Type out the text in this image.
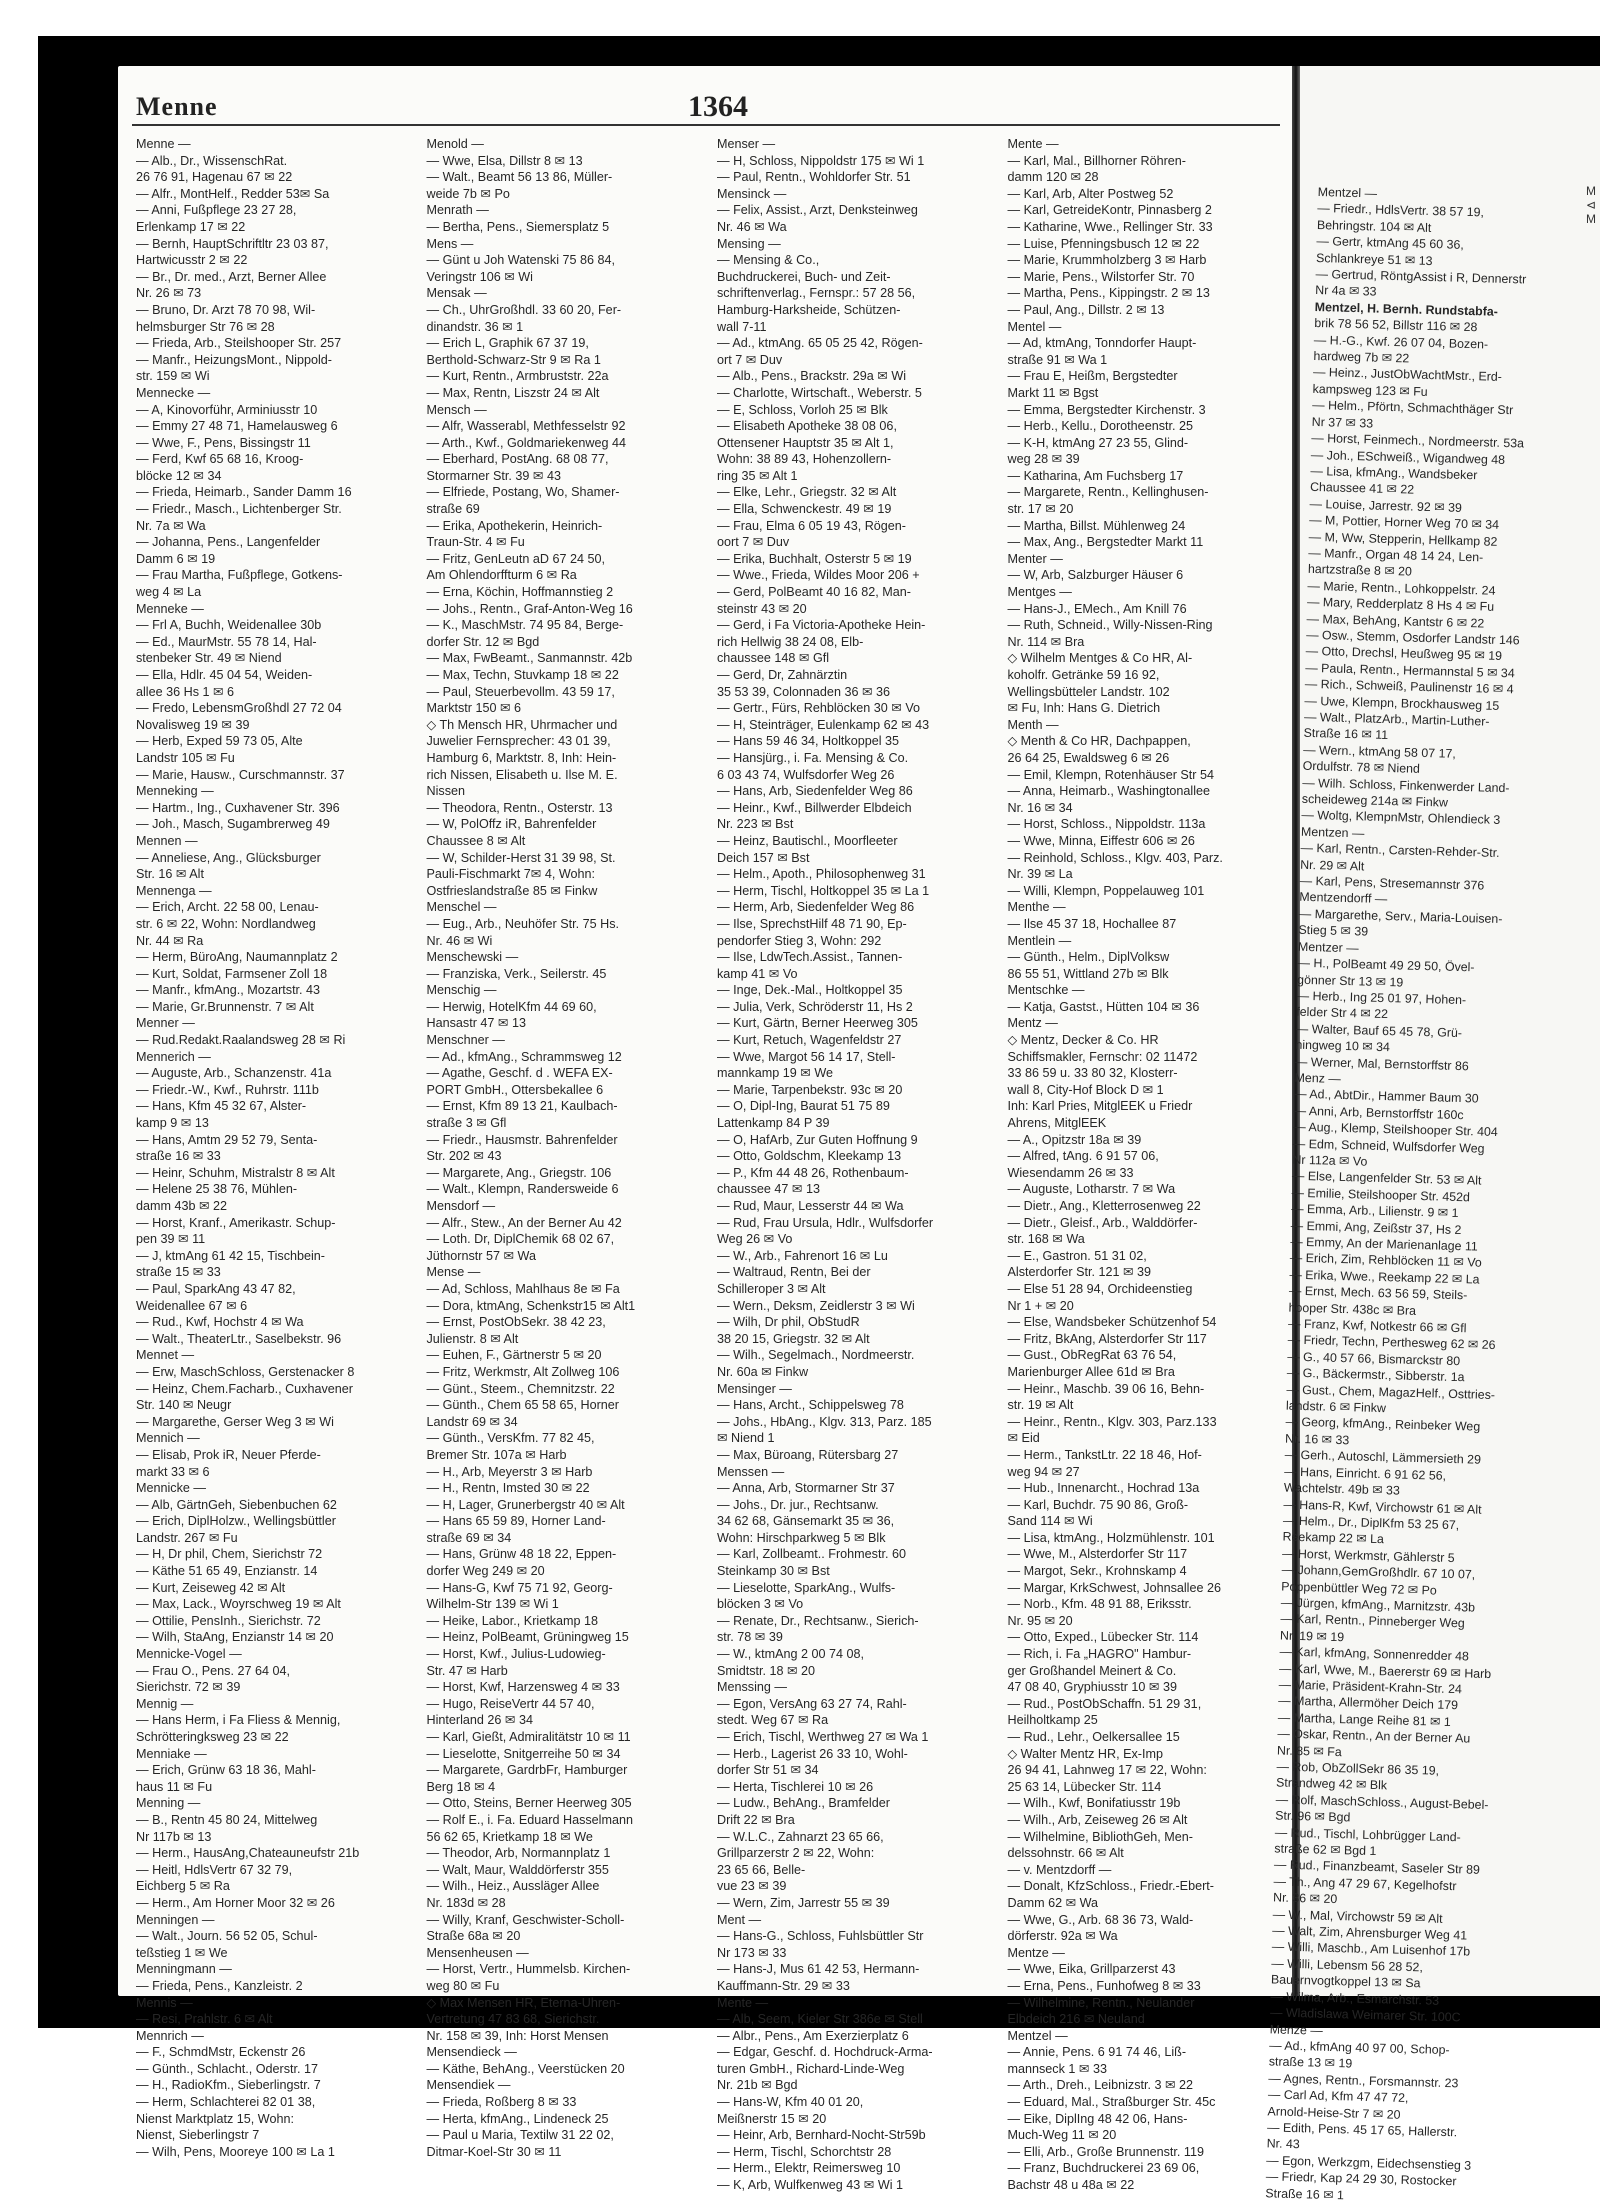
Menne	1364
Menne —
— Alb., Dr., WissenschRat.
26 76 91, Hagenau 67 ✉ 22
— Alfr., MontHelf., Redder 53✉ Sa
— Anni, Fußpflege 23 27 28,
Erlenkamp 17 ✉ 22
— Bernh, HauptSchriftltr 23 03 87,
Hartwicusstr 2 ✉ 22
— Br., Dr. med., Arzt, Berner Allee
Nr. 26 ✉ 73
— Bruno, Dr. Arzt 78 70 98, Wil-
helmsburger Str 76 ✉ 28
— Frieda, Arb., Steilshooper Str. 257
— Manfr., HeizungsMont., Nippold-
str. 159 ✉ Wi
Mennecke —
— A, Kinovorführ, Arminiusstr 10
— Emmy 27 48 71, Hamelausweg 6
— Wwe, F., Pens, Bissingstr 11
— Ferd, Kwf 65 68 16, Kroog-
blöcke 12 ✉ 34
— Frieda, Heimarb., Sander Damm 16
— Friedr., Masch., Lichtenberger Str.
Nr. 7a ✉ Wa
— Johanna, Pens., Langenfelder
Damm 6 ✉ 19
— Frau Martha, Fußpflege, Gotkens-
weg 4 ✉ La
Menneke —
— Frl A, Buchh, Weidenallee 30b
— Ed., MaurMstr. 55 78 14, Hal-
stenbeker Str. 49 ✉ Niend
— Ella, Hdlr. 45 04 54, Weiden-
allee 36 Hs 1 ✉ 6
— Fredo, LebensmGroßhdl 27 72 04
Novalisweg 19 ✉ 39
— Herb, Exped 59 73 05, Alte
Landstr 105 ✉ Fu
— Marie, Hausw., Curschmannstr. 37
Menneking —
— Hartm., Ing., Cuxhavener Str. 396
— Joh., Masch, Sugambrerweg 49
Mennen —
— Anneliese, Ang., Glücksburger
Str. 16 ✉ Alt
Mennenga —
— Erich, Archt. 22 58 00, Lenau-
str. 6 ✉ 22, Wohn: Nordlandweg
Nr. 44 ✉ Ra
— Herm, BüroAng, Naumannplatz 2
— Kurt, Soldat, Farmsener Zoll 18
— Manfr., kfmAng., Mozartstr. 43
— Marie, Gr.Brunnenstr. 7 ✉ Alt
Menner —
— Rud.Redakt.Raalandsweg 28 ✉ Ri
Mennerich —
— Auguste, Arb., Schanzenstr. 41a
— Friedr.-W., Kwf., Ruhrstr. 111b
— Hans, Kfm 45 32 67, Alster-
kamp 9 ✉ 13
— Hans, Amtm 29 52 79, Senta-
straße 16 ✉ 33
— Heinr, Schuhm, Mistralstr 8 ✉ Alt
— Helene 25 38 76, Mühlen-
damm 43b ✉ 22
— Horst, Kranf., Amerikastr. Schup-
pen 39 ✉ 11
— J, ktmAng 61 42 15, Tischbein-
straße 15 ✉ 33
— Paul, SparkAng 43 47 82,
Weidenallee 67 ✉ 6
— Rud., Kwf, Hochstr 4 ✉ Wa
— Walt., TheaterLtr., Saselbekstr. 96
Mennet —
— Erw, MaschSchloss, Gerstenacker 8
— Heinz, Chem.Facharb., Cuxhavener
Str. 140 ✉ Neugr
— Margarethe, Gerser Weg 3 ✉ Wi
Mennich —
— Elisab, Prok iR, Neuer Pferde-
markt 33 ✉ 6
Mennicke —
— Alb, GärtnGeh, Siebenbuchen 62
— Erich, DiplHolzw., Wellingsbüttler
Landstr. 267 ✉ Fu
— H, Dr phil, Chem, Sierichstr 72
— Käthe 51 65 49, Enzianstr. 14
— Kurt, Zeiseweg 42 ✉ Alt
— Max, Lack., Woyrschweg 19 ✉ Alt
— Ottilie, PensInh., Sierichstr. 72
— Wilh, StaAng, Enzianstr 14 ✉ 20
Mennicke-Vogel —
— Frau O., Pens. 27 64 04,
Sierichstr. 72 ✉ 39
Mennig —
— Hans Herm, i Fa Fliess & Mennig,
Schrötteringksweg 23 ✉ 22
Menniake —
— Erich, Grünw 63 18 36, Mahl-
haus 11 ✉ Fu
Menning —
— B., Rentn 45 80 24, Mittelweg
Nr 117b ✉ 13
— Herm., HausAng,Chateauneufstr 21b
— Heitl, HdlsVertr 67 32 79,
Eichberg 5 ✉ Ra
— Herm., Am Horner Moor 32 ✉ 26
Menningen —
— Walt., Journ. 56 52 05, Schul-
teßstieg 1 ✉ We
Menningmann —
— Frieda, Pens., Kanzleistr. 2
Mennis —
— Resi, Prahlstr. 6 ✉ Alt
Mennrich —
— F., SchmdMstr, Eckenstr 26
— Günth., Schlacht., Oderstr. 17
— H., RadioKfm., Sieberlingstr. 7
— Herm, Schlachterei 82 01 38,
Nienst Marktplatz 15, Wohn:
Nienst, Sieberlingstr 7
— Wilh, Pens, Mooreye 100 ✉ La 1
Menold —
— Wwe, Elsa, Dillstr 8 ✉ 13
— Walt., Beamt 56 13 86, Müller-
weide 7b ✉ Po
Menrath —
— Bertha, Pens., Siemersplatz 5
Mens —
— Günt u Joh Watenski 75 86 84,
Veringstr 106 ✉ Wi
Mensak —
— Ch., UhrGroßhdl. 33 60 20, Fer-
dinandstr. 36 ✉ 1
— Erich L, Graphik 67 37 19,
Berthold-Schwarz-Str 9 ✉ Ra 1
— Kurt, Rentn., Armbruststr. 22a
— Max, Rentn, Liszstr 24 ✉ Alt
Mensch —
— Alfr, Wasserabl, Methfesselstr 92
— Arth., Kwf., Goldmariekenweg 44
— Eberhard, PostAng. 68 08 77,
Stormarner Str. 39 ✉ 43
— Elfriede, Postang, Wo, Shamer-
straße 69
— Erika, Apothekerin, Heinrich-
Traun-Str. 4 ✉ Fu
— Fritz, GenLeutn aD 67 24 50,
Am Ohlendorffturm 6 ✉ Ra
— Erna, Köchin, Hoffmannstieg 2
— Johs., Rentn., Graf-Anton-Weg 16
— K., MaschMstr. 74 95 84, Berge-
dorfer Str. 12 ✉ Bgd
— Max, FwBeamt., Sanmannstr. 42b
— Max, Techn, Stuvkamp 18 ✉ 22
— Paul, Steuerbevollm. 43 59 17,
Marktstr 150 ✉ 6
◇ Th Mensch HR, Uhrmacher und
Juwelier Fernsprecher: 43 01 39,
Hamburg 6, Marktstr. 8, Inh: Hein-
rich Nissen, Elisabeth u. Ilse M. E.
Nissen
— Theodora, Rentn., Osterstr. 13
— W, PolOffz iR, Bahrenfelder
Chaussee 8 ✉ Alt
— W, Schilder-Herst 31 39 98, St.
Pauli-Fischmarkt 7✉ 4, Wohn:
Ostfrieslandstraße 85 ✉ Finkw
Menschel —
— Eug., Arb., Neuhöfer Str. 75 Hs.
Nr. 46 ✉ Wi
Menschewski —
— Franziska, Verk., Seilerstr. 45
Menschig —
— Herwig, HotelKfm 44 69 60,
Hansastr 47 ✉ 13
Menschner —
— Ad., kfmAng., Schrammsweg 12
— Agathe, Geschf. d . WEFA EX-
PORT GmbH., Ottersbekallee 6
— Ernst, Kfm 89 13 21, Kaulbach-
straße 3 ✉ Gfl
— Friedr., Hausmstr. Bahrenfelder
Str. 202 ✉ 43
— Margarete, Ang., Griegstr. 106
— Walt., Klempn, Randersweide 6
Mensdorf —
— Alfr., Stew., An der Berner Au 42
— Loth. Dr, DiplChemik 68 02 67,
Jüthornstr 57 ✉ Wa
Mense —
— Ad, Schloss, Mahlhaus 8e ✉ Fa
— Dora, ktmAng, Schenkstr15 ✉ Alt1
— Ernst, PostObSekr. 38 42 23,
Julienstr. 8 ✉ Alt
— Euhen, F., Gärtnerstr 5 ✉ 20
— Fritz, Werkmstr, Alt Zollweg 106
— Günt., Steem., Chemnitzstr. 22
— Günth., Chem 65 58 65, Horner
Landstr 69 ✉ 34
— Günth., VersKfm. 77 82 45,
Bremer Str. 107a ✉ Harb
— H., Arb, Meyerstr 3 ✉ Harb
— H., Rentn, Imsted 30 ✉ 22
— H, Lager, Grunerbergstr 40 ✉ Alt
— Hans 65 59 89, Horner Land-
straße 69 ✉ 34
— Hans, Grünw 48 18 22, Eppen-
dorfer Weg 249 ✉ 20
— Hans-G, Kwf 75 71 92, Georg-
Wilhelm-Str 139 ✉ Wi 1
— Heike, Labor., Krietkamp 18
— Heinz, PolBeamt, Grüningweg 15
— Horst, Kwf., Julius-Ludowieg-
Str. 47 ✉ Harb
— Horst, Kwf, Harzensweg 4 ✉ 33
— Hugo, ReiseVertr 44 57 40,
Hinterland 26 ✉ 34
— Karl, Gießt, Admiralitätstr 10 ✉ 11
— Lieselotte, Snitgerreihe 50 ✉ 34
— Margarete, GardrbFr, Hamburger
Berg 18 ✉ 4
— Otto, Steins, Berner Heerweg 305
— Rolf E., i. Fa. Eduard Hasselmann
56 62 65, Krietkamp 18 ✉ We
— Theodor, Arb, Normannplatz 1
— Walt, Maur, Walddörferstr 355
— Wilh., Heiz., Aussläger Allee
Nr. 183d ✉ 28
— Willy, Kranf, Geschwister-Scholl-
Straße 68a ✉ 20
Mensenheusen —
— Horst, Vertr., Hummelsb. Kirchen-
weg 80 ✉ Fu
◇ Max Mensen HR, Eterna-Uhren-
Vertretung 47 83 68, Sierichstr.
Nr. 158 ✉ 39, Inh: Horst Mensen
Mensendieck —
— Käthe, BehAng., Veerstücken 20
Mensendiek —
— Frieda, Roßberg 8 ✉ 33
— Herta, kfmAng., Lindeneck 25
— Paul u Maria, Textilw 31 22 02,
Ditmar-Koel-Str 30 ✉ 11
Menser —
— H, Schloss, Nippoldstr 175 ✉ Wi 1
— Paul, Rentn., Wohldorfer Str. 51
Mensinck —
— Felix, Assist., Arzt, Denksteinweg
Nr. 46 ✉ Wa
Mensing —
— Mensing & Co.,
Buchdruckerei, Buch- und Zeit-
schriftenverlag., Fernspr.: 57 28 56,
Hamburg-Harksheide, Schützen-
wall 7-11
— Ad., ktmAng. 65 05 25 42, Rögen-
ort 7 ✉ Duv
— Alb., Pens., Brackstr. 29a ✉ Wi
— Charlotte, Wirtschaft., Weberstr. 5
— E, Schloss, Vorloh 25 ✉ Blk
— Elisabeth Apotheke 38 08 06,
Ottensener Hauptstr 35 ✉ Alt 1,
Wohn: 38 89 43, Hohenzollern-
ring 35 ✉ Alt 1
— Elke, Lehr., Griegstr. 32 ✉ Alt
— Ella, Schwenckestr. 49 ✉ 19
— Frau, Elma 6 05 19 43, Rögen-
oort 7 ✉ Duv
— Erika, Buchhalt, Osterstr 5 ✉ 19
— Wwe., Frieda, Wildes Moor 206 +
— Gerd, PolBeamt 40 16 82, Man-
steinstr 43 ✉ 20
— Gerd, i Fa Victoria-Apotheke Hein-
rich Hellwig 38 24 08, Elb-
chaussee 148 ✉ Gfl
— Gerd, Dr, Zahnärztin
35 53 39, Colonnaden 36 ✉ 36
— Gertr., Fürs, Rehblöcken 30 ✉ Vo
— H, Steinträger, Eulenkamp 62 ✉ 43
— Hans 59 46 34, Holtkoppel 35
— Hansjürg., i. Fa. Mensing & Co.
6 03 43 74, Wulfsdorfer Weg 26
— Hans, Arb, Siedenfelder Weg 86
— Heinr., Kwf., Billwerder Elbdeich
Nr. 223 ✉ Bst
— Heinz, Bautischl., Moorfleeter
Deich 157 ✉ Bst
— Helm., Apoth., Philosophenweg 31
— Herm, Tischl, Holtkoppel 35 ✉ La 1
— Herm, Arb, Siedenfelder Weg 86
— Ilse, SprechstHilf 48 71 90, Ep-
pendorfer Stieg 3, Wohn: 292
— Ilse, LdwTech.Assist., Tannen-
kamp 41 ✉ Vo
— Inge, Dek.-Mal., Holtkoppel 35
— Julia, Verk, Schröderstr 11, Hs 2
— Kurt, Gärtn, Berner Heerweg 305
— Kurt, Retuch, Wagenfeldstr 27
— Wwe, Margot 56 14 17, Stell-
mannkamp 19 ✉ We
— Marie, Tarpenbekstr. 93c ✉ 20
— O, Dipl-Ing, Baurat 51 75 89
Lattenkamp 84 P 39
— O, HafArb, Zur Guten Hoffnung 9
— Otto, Goldschm, Kleekamp 13
— P., Kfm 44 48 26, Rothenbaum-
chaussee 47 ✉ 13
— Rud, Maur, Lesserstr 44 ✉ Wa
— Rud, Frau Ursula, Hdlr., Wulfsdorfer
Weg 26 ✉ Vo
— W., Arb., Fahrenort 16 ✉ Lu
— Waltraud, Rentn, Bei der
Schilleroper 3 ✉ Alt
— Wern., Deksm, Zeidlerstr 3 ✉ Wi
— Wilh, Dr phil, ObStudR
38 20 15, Griegstr. 32 ✉ Alt
— Wilh., Segelmach., Nordmeerstr.
Nr. 60a ✉ Finkw
Mensinger —
— Hans, Archt., Schippelsweg 78
— Johs., HbAng., Klgv. 313, Parz. 185
✉ Niend 1
— Max, Büroang, Rütersbarg 27
Menssen —
— Anna, Arb, Stormarner Str 37
— Johs., Dr. jur., Rechtsanw.
34 62 68, Gänsemarkt 35 ✉ 36,
Wohn: Hirschparkweg 5 ✉ Blk
— Karl, Zollbeamt.. Frohmestr. 60
Steinkamp 30 ✉ Bst
— Lieselotte, SparkAng., Wulfs-
blöcken 3 ✉ Vo
— Renate, Dr., Rechtsanw., Sierich-
str. 78 ✉ 39
— W., ktmAng 2 00 74 08,
Smidtstr. 18 ✉ 20
Menssing —
— Egon, VersAng 63 27 74, Rahl-
stedt. Weg 67 ✉ Ra
— Erich, Tischl, Werthweg 27 ✉ Wa 1
— Herb., Lagerist 26 33 10, Wohl-
dorfer Str 51 ✉ 34
— Herta, Tischlerei 10 ✉ 26
— Ludw., BehAng., Bramfelder
Drift 22 ✉ Bra
— W.L.C., Zahnarzt 23 65 66,
Grillparzerstr 2 ✉ 22, Wohn:
23 65 66, Belle-
vue 23 ✉ 39
— Wern, Zim, Jarrestr 55 ✉ 39
Ment —
— Hans-G., Schloss, Fuhlsbüttler Str
Nr 173 ✉ 33
— Hans-J, Mus 61 42 53, Hermann-
Kauffmann-Str. 29 ✉ 33
Mente —
— Alb, Seem, Kieler Str 386e ✉ Stell
— Albr., Pens., Am Exerzierplatz 6
— Edgar, Geschf. d. Hochdruck-Arma-
turen GmbH., Richard-Linde-Weg
Nr. 21b ✉ Bgd
— Hans-W, Kfm 40 01 20,
Meißnerstr 15 ✉ 20
— Heinr, Arb, Bernhard-Nocht-Str59b
— Herm, Tischl, Schorchtstr 28
— Herm., Elektr, Reimersweg 10
— K, Arb, Wulfkenweg 43 ✉ Wi 1
Mente —
— Karl, Mal., Billhorner Röhren-
damm 120 ✉ 28
— Karl, Arb, Alter Postweg 52
— Karl, GetreideKontr, Pinnasberg 2
— Katharine, Wwe., Rellinger Str. 33
— Luise, Pfenningsbusch 12 ✉ 22
— Marie, Krummholzberg 3 ✉ Harb
— Marie, Pens., Wilstorfer Str. 70
— Martha, Pens., Kippingstr. 2 ✉ 13
— Paul, Ang., Dillstr. 2 ✉ 13
Mentel —
— Ad, ktmAng, Tonndorfer Haupt-
straße 91 ✉ Wa 1
— Frau E, Heißm, Bergstedter
Markt 11 ✉ Bgst
— Emma, Bergstedter Kirchenstr. 3
— Herb., Kellu., Dorotheenstr. 25
— K-H, ktmAng 27 23 55, Glind-
weg 28 ✉ 39
— Katharina, Am Fuchsberg 17
— Margarete, Rentn., Kellinghusen-
str. 17 ✉ 20
— Martha, Billst. Mühlenweg 24
— Max, Ang., Bergstedter Markt 11
Menter —
— W, Arb, Salzburger Häuser 6
Mentges —
— Hans-J., EMech., Am Knill 76
— Ruth, Schneid., Willy-Nissen-Ring
Nr. 114 ✉ Bra
◇ Wilhelm Mentges & Co HR, Al-
koholfr. Getränke 59 16 92,
Wellingsbütteler Landstr. 102
✉ Fu, Inh: Hans G. Dietrich
Menth —
◇ Menth & Co HR, Dachpappen,
26 64 25, Ewaldsweg 6 ✉ 26
— Emil, Klempn, Rotenhäuser Str 54
— Anna, Heimarb., Washingtonallee
Nr. 16 ✉ 34
— Horst, Schloss., Nippoldstr. 113a
— Wwe, Minna, Eiffestr 606 ✉ 26
— Reinhold, Schloss., Klgv. 403, Parz.
Nr. 39 ✉ La
— Willi, Klempn, Poppelauweg 101
Menthe —
— Ilse 45 37 18, Hochallee 87
Mentlein —
— Günth., Helm., DiplVolksw
86 55 51, Wittland 27b ✉ Blk
Mentschke —
— Katja, Gastst., Hütten 104 ✉ 36
Mentz —
◇ Mentz, Decker & Co. HR
Schiffsmakler, Fernschr: 02 11472
33 86 59 u. 33 80 32, Klosterr-
wall 8, City-Hof Block D ✉ 1
Inh: Karl Pries, MitglEEK u Friedr
Ahrens, MitglEEK
— A., Opitzstr 18a ✉ 39
— Alfred, tAng. 6 91 57 06,
Wiesendamm 26 ✉ 33
— Auguste, Lotharstr. 7 ✉ Wa
— Dietr., Ang., Kletterrosenweg 22
— Dietr., Gleisf., Arb., Walddörfer-
str. 168 ✉ Wa
— E., Gastron. 51 31 02,
Alsterdorfer Str. 121 ✉ 39
— Else 51 28 94, Orchideenstieg
Nr 1 + ✉ 20
— Else, Wandsbeker Schützenhof 54
— Fritz, BkAng, Alsterdorfer Str 117
— Gust., ObRegRat 63 76 54,
Marienburger Allee 61d ✉ Bra
— Heinr., Maschb. 39 06 16, Behn-
str. 19 ✉ Alt
— Heinr., Rentn., Klgv. 303, Parz.133
✉ Eid
— Herm., TankstLtr. 22 18 46, Hof-
weg 94 ✉ 27
— Hub., Innenarcht., Hochrad 13a
— Karl, Buchdr. 75 90 86, Groß-
Sand 114 ✉ Wi
— Lisa, ktmAng., Holzmühlenstr. 101
— Wwe, M., Alsterdorfer Str 117
— Margot, Sekr., Krohnskamp 4
— Margar, KrkSchwest, Johnsallee 26
— Norb., Kfm. 48 91 88, Eriksstr.
Nr. 95 ✉ 20
— Otto, Exped., Lübecker Str. 114
— Rich, i. Fa „HAGRO" Hambur-
ger Großhandel Meinert & Co.
47 08 40, Gryphiusstr 10 ✉ 39
— Rud., PostObSchaffn. 51 29 31,
Heilholtkamp 25
— Rud., Lehr., Oelkersallee 15
◇ Walter Mentz HR, Ex-Imp
26 94 41, Lahnweg 17 ✉ 22, Wohn:
25 63 14, Lübecker Str. 114
— Wilh., Kwf, Bonifatiusstr 19b
— Wilh., Arb, Zeiseweg 26 ✉ Alt
— Wilhelmine, BibliothGeh, Men-
delssohnstr. 66 ✉ Alt
— v. Mentzdorff —
— Donalt, KfzSchloss., Friedr.-Ebert-
Damm 62 ✉ Wa
— Wwe, G., Arb. 68 36 73, Wald-
dörferstr. 92a ✉ Wa
Mentze —
— Wwe, Eika, Grillparzerst 43
— Erna, Pens., Funhofweg 8 ✉ 33
— Wilhelmine, Rentn., Neulander
Elbdeich 216 ✉ Neuland
Mentzel —
— Annie, Pens. 6 91 74 46, Liß-
mannseck 1 ✉ 33
— Arth., Dreh., Leibnizstr. 3 ✉ 22
— Eduard, Mal., Straßburger Str. 45c
— Eike, DiplIng 48 42 06, Hans-
Much-Weg 11 ✉ 20
— Elli, Arb., Große Brunnenstr. 119
— Franz, Buchdruckerei 23 69 06,
Bachstr 48 u 48a ✉ 22
Mentzel —
— Friedr., HdlsVertr. 38 57 19,
Behringstr. 104 ✉ Alt
— Gertr, ktmAng 45 60 36,
Schlankreye 51 ✉ 13
— Gertrud, RöntgAssist i R, Dennerstr
Nr 4a ✉ 33
Mentzel, H. Bernh. Rundstabfa-
brik 78 56 52, Billstr 116 ✉ 28
— H.-G., Kwf. 26 07 04, Bozen-
hardweg 7b ✉ 22
— Heinz., JustObWachtMstr., Erd-
kampsweg 123 ✉ Fu
— Helm., Pförtn, Schmachthäger Str
Nr 37 ✉ 33
— Horst, Feinmech., Nordmeerstr. 53a
— Joh., ESchweiß., Wigandweg 48
— Lisa, kfmAng., Wandsbeker
Chaussee 41 ✉ 22
— Louise, Jarrestr. 92 ✉ 39
— M, Pottier, Horner Weg 70 ✉ 34
— M, Ww, Stepperin, Hellkamp 82
— Manfr., Organ 48 14 24, Len-
hartzstraße 8 ✉ 20
— Marie, Rentn., Lohkoppelstr. 24
— Mary, Redderplatz 8 Hs 4 ✉ Fu
— Max, BehAng, Kantstr 6 ✉ 22
— Osw., Stemm, Osdorfer Landstr 146
— Otto, Drechsl, Heußweg 95 ✉ 19
— Paula, Rentn., Hermannstal 5 ✉ 34
— Rich., Schweiß, Paulinenstr 16 ✉ 4
— Uwe, Klempn, Brockhausweg 15
— Walt., PlatzArb., Martin-Luther-
Straße 16 ✉ 11
— Wern., ktmAng 58 07 17,
Ordulfstr. 78 ✉ Niend
— Wilh. Schloss, Finkenwerder Land-
scheideweg 214a ✉ Finkw
— Woltg, KlempnMstr, Ohlendieck 3
Mentzen —
— Karl, Rentn., Carsten-Rehder-Str.
Nr. 29 ✉ Alt
— Karl, Pens, Stresemannstr 376
Mentzendorff —
— Margarethe, Serv., Maria-Louisen-
Stieg 5 ✉ 39
Mentzer —
— H., PolBeamt 49 29 50, Övel-
gönner Str 13 ✉ 19
— Herb., Ing 25 01 97, Hohen-
felder Str 4 ✉ 22
— Walter, Bauf 65 45 78, Grü-
ningweg 10 ✉ 34
— Werner, Mal, Bernstorffstr 86
Menz —
— Ad., AbtDir., Hammer Baum 30
— Anni, Arb, Bernstorffstr 160c
— Aug., Klemp, Steilshooper Str. 404
— Edm, Schneid, Wulfsdorfer Weg
Nr 112a ✉ Vo
— Else, Langenfelder Str. 53 ✉ Alt
— Emilie, Steilshooper Str. 452d
— Emma, Arb., Lilienstr. 9 ✉ 1
— Emmi, Ang, Zeißstr 37, Hs 2
— Emmy, An der Marienanlage 11
— Erich, Zim, Rehblöcken 11 ✉ Vo
— Erika, Wwe., Reekamp 22 ✉ La
— Ernst, Mech. 63 56 59, Steils-
hooper Str. 438c ✉ Bra
— Franz, Kwf, Notkestr 66 ✉ Gfl
— Friedr, Techn, Perthesweg 62 ✉ 26
— G., 40 57 66, Bismarckstr 80
— G., Bäckermstr., Sibberstr. 1a
— Gust., Chem, MagazHelf., Osttries-
landstr. 6 ✉ Finkw
— Georg, kfmAng., Reinbeker Weg
Nr. 16 ✉ 33
— Gerh., Autoschl, Lämmersieth 29
— Hans, Einricht. 6 91 62 56,
Wachtelstr. 49b ✉ 33
— Hans-R, Kwf, Virchowstr 61 ✉ Alt
— Helm., Dr., DiplKfm 53 25 67,
Reekamp 22 ✉ La
— Horst, Werkmstr, Gählerstr 5
— Johann,GemGroßhdlr. 67 10 07,
Poppenbüttler Weg 72 ✉ Po
— Jürgen, kfmAng., Marnitzstr. 43b
— Karl, Rentn., Pinneberger Weg
Nr. 19 ✉ 19
— Karl, kfmAng, Sonnenredder 48
— Karl, Wwe, M., Baererstr 69 ✉ Harb
— Marie, Präsident-Krahn-Str. 24
— Martha, Allermöher Deich 179
— Martha, Lange Reihe 81 ✉ 1
— Oskar, Rentn., An der Berner Au
Nr. 85 ✉ Fa
— Rob, ObZollSekr 86 35 19,
Strandweg 42 ✉ Blk
— Rolf, MaschSchloss., August-Bebel-
Str. 96 ✉ Bgd
— Rud., Tischl, Lohbrügger Land-
straße 62 ✉ Bgd 1
— Rud., Finanzbeamt, Saseler Str 89
— Th., Ang 47 29 67, Kegelhofstr
Nr. 36 ✉ 20
— W., Mal, Virchowstr 59 ✉ Alt
— Walt, Zim, Ahrensburger Weg 41
— Willi, Maschb., Am Luisenhof 17b
— Willi, Lebensm 56 28 52,
Bauernvogtkoppel 13 ✉ Sa
— Wilma, Arb., Esmarchstr. 53
— Wladislawa Weimarer Str. 100C
Menze —
— Ad., kfmAng 40 97 00, Schop-
straße 13 ✉ 19
— Agnes, Rentn., Forsmannstr. 23
— Carl Ad, Kfm 47 47 72,
Arnold-Heise-Str 7 ✉ 20
— Edith, Pens. 45 17 65, Hallerstr.
Nr. 43
— Egon, Werkzgm, Eidechsenstieg 3
— Friedr, Kap 24 29 30, Rostocker
Straße 16 ✉ 1
M ⊲ M
